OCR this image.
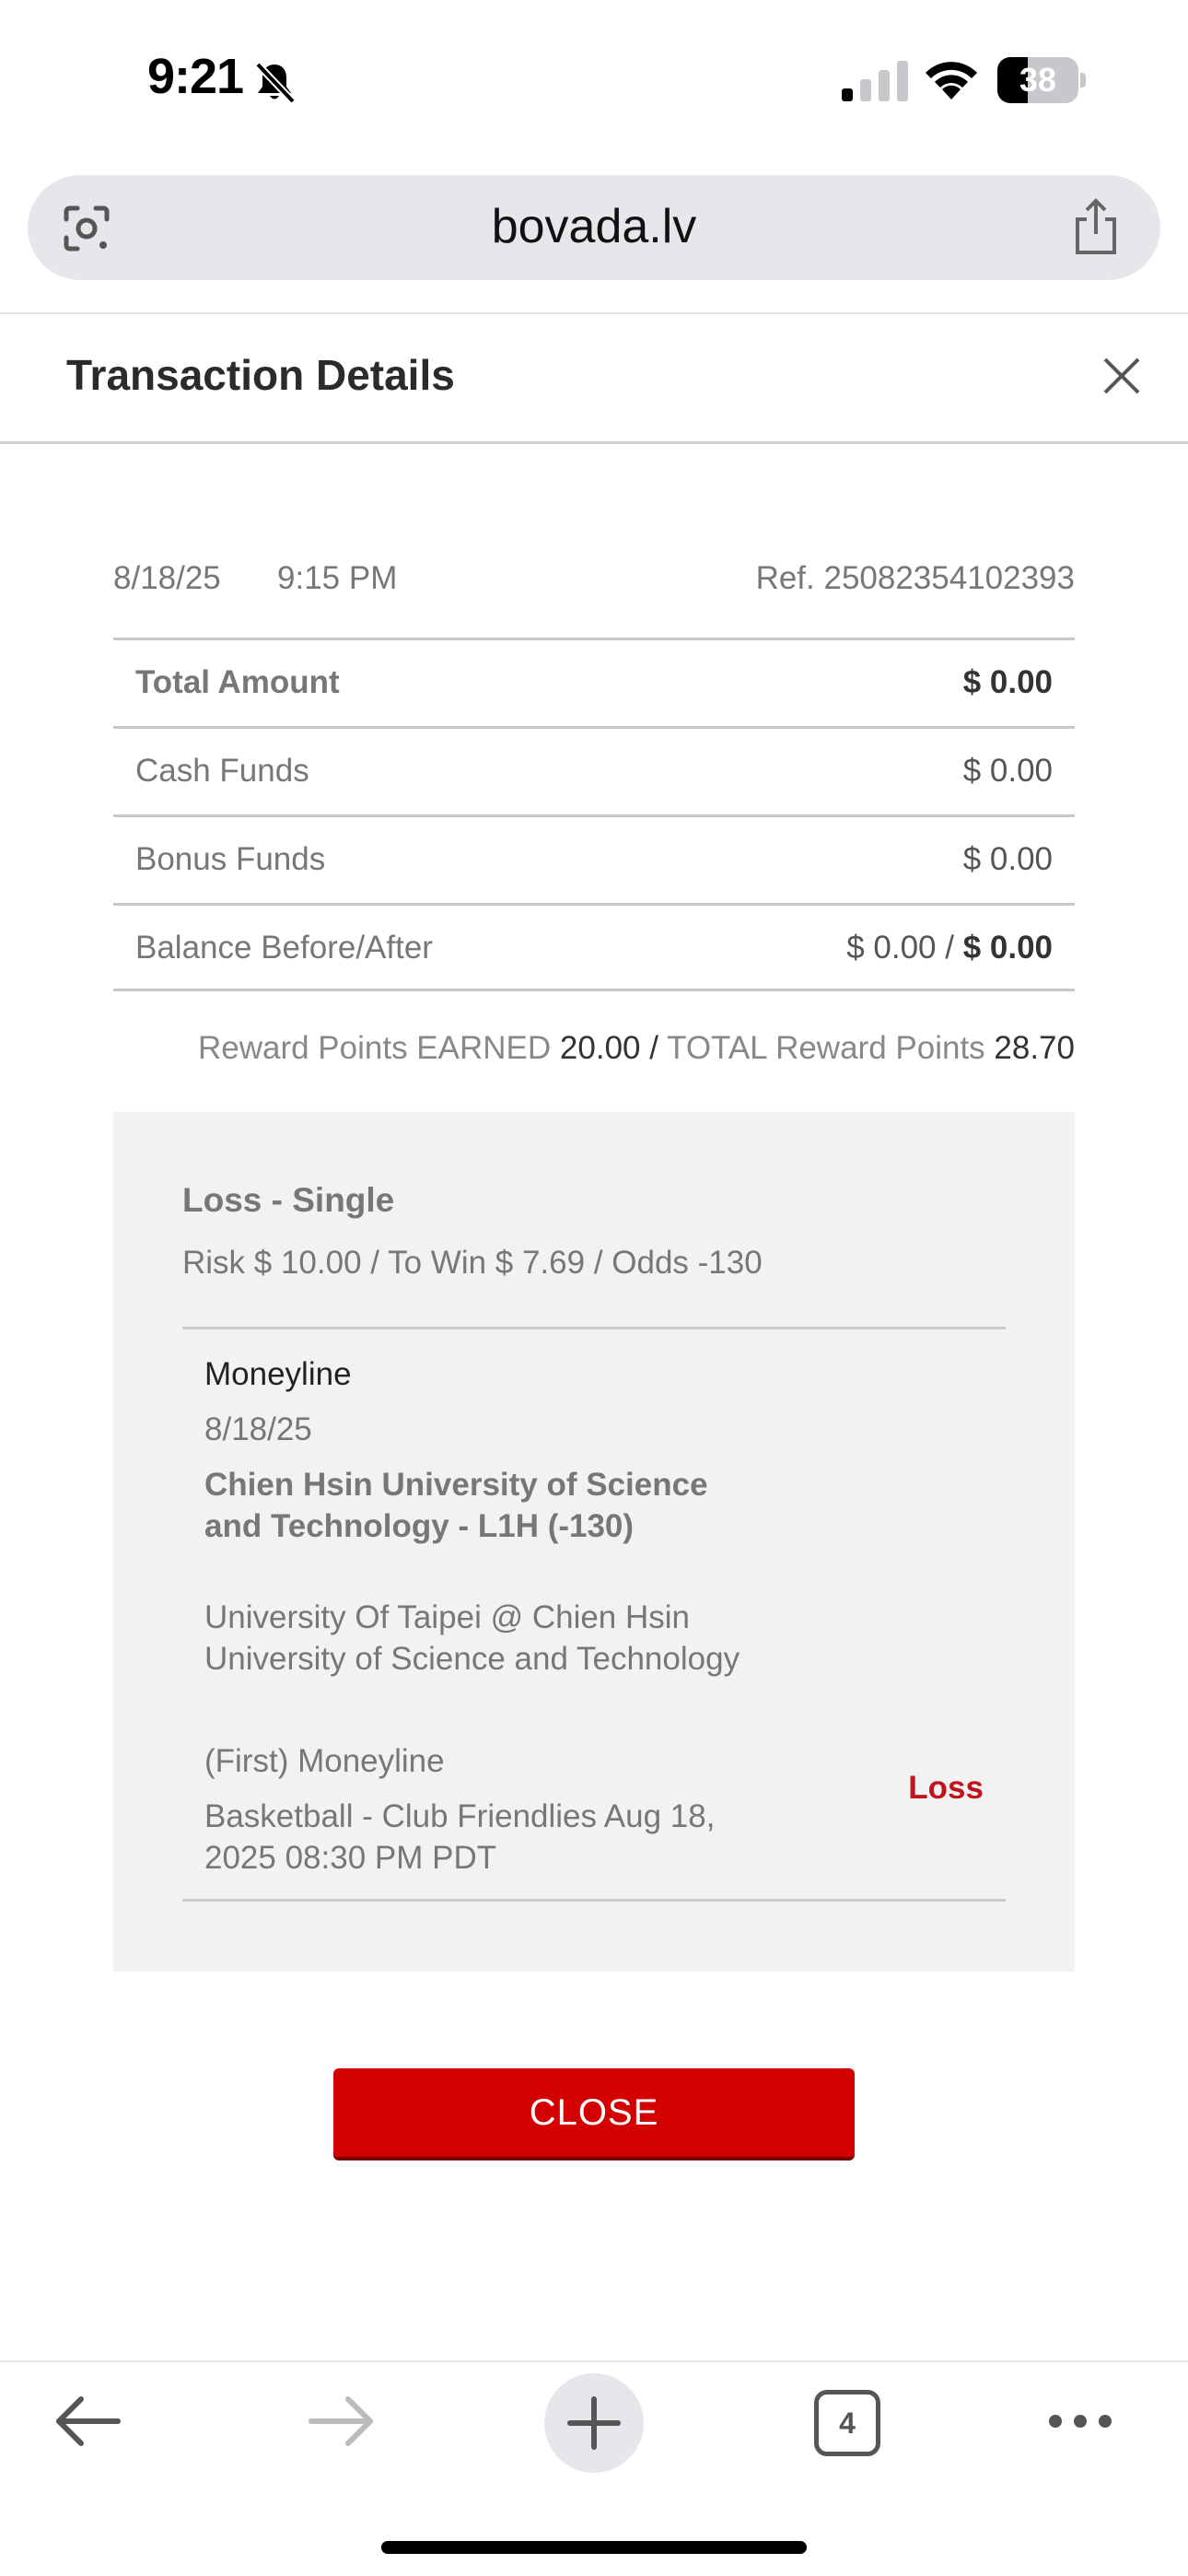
9:21	38
bovada.lv
Transaction Details
8/18/25 9:15 PM	Ref. 25082354102393
Total Amount	$ 0.00
Cash Funds	$ 0.00
Bonus Funds	$ 0.00
Balance Before/After	$ 0.00 / $ 0.00
Reward Points EARNED 20.00 / TOTAL Reward Points 28.70
Loss - Single
Risk $ 10.00 / To Win $ 7.69 / Odds -130
Moneyline
8/18/25
Chien Hsin University of Science and Technology - L1H (-130)
University Of Taipei @ Chien Hsin University of Science and Technology
(First) Moneyline
Basketball - Club Friendlies Aug 18, 2025 08:30 PM PDT
Loss
CLOSE
4
